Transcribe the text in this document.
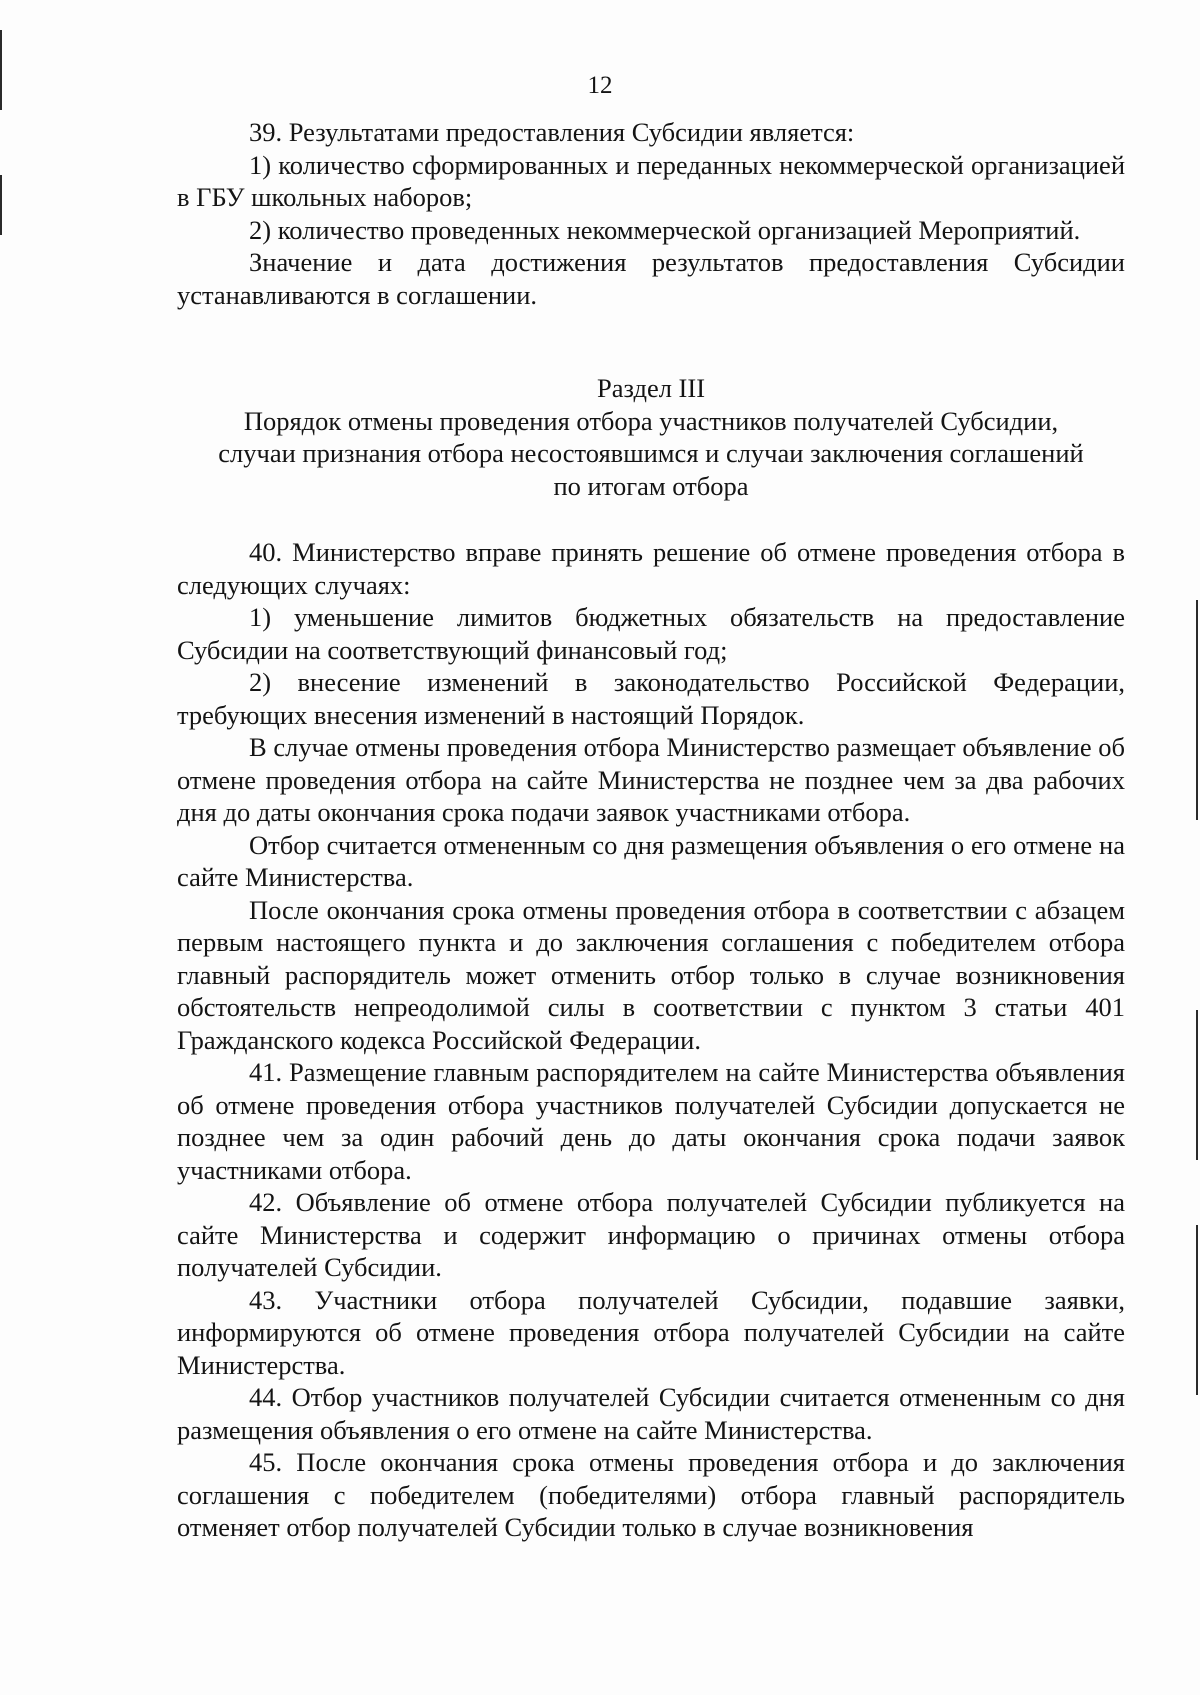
12

39. Результатами предоставления Субсидии является:

1) количество сформированных и переданных некоммерческой организацией в ГБУ школьных наборов;

2) количество проведенных некоммерческой организацией Мероприятий.

Значение и дата достижения результатов предоставления Субсидии устанавливаются в соглашении.

Раздел III
Порядок отмены проведения отбора участников получателей Субсидии,
случаи признания отбора несостоявшимся и случаи заключения соглашений
по итогам отбора

40. Министерство вправе принять решение об отмене проведения отбора в следующих случаях:

1) уменьшение лимитов бюджетных обязательств на предоставление Субсидии на соответствующий финансовый год;

2) внесение изменений в законодательство Российской Федерации, требующих внесения изменений в настоящий Порядок.

В случае отмены проведения отбора Министерство размещает объявление об отмене проведения отбора на сайте Министерства не позднее чем за два рабочих дня до даты окончания срока подачи заявок участниками отбора.

Отбор считается отмененным со дня размещения объявления о его отмене на сайте Министерства.

После окончания срока отмены проведения отбора в соответствии с абзацем первым настоящего пункта и до заключения соглашения с победителем отбора главный распорядитель может отменить отбор только в случае возникновения обстоятельств непреодолимой силы в соответствии с пунктом 3 статьи 401 Гражданского кодекса Российской Федерации.

41. Размещение главным распорядителем на сайте Министерства объявления об отмене проведения отбора участников получателей Субсидии допускается не позднее чем за один рабочий день до даты окончания срока подачи заявок участниками отбора.

42. Объявление об отмене отбора получателей Субсидии публикуется на сайте Министерства и содержит информацию о причинах отмены отбора получателей Субсидии.

43. Участники отбора получателей Субсидии, подавшие заявки, информируются об отмене проведения отбора получателей Субсидии на сайте Министерства.

44. Отбор участников получателей Субсидии считается отмененным со дня размещения объявления о его отмене на сайте Министерства.

45. После окончания срока отмены проведения отбора и до заключения соглашения с победителем (победителями) отбора главный распорядитель отменяет отбор получателей Субсидии только в случае возникновения
